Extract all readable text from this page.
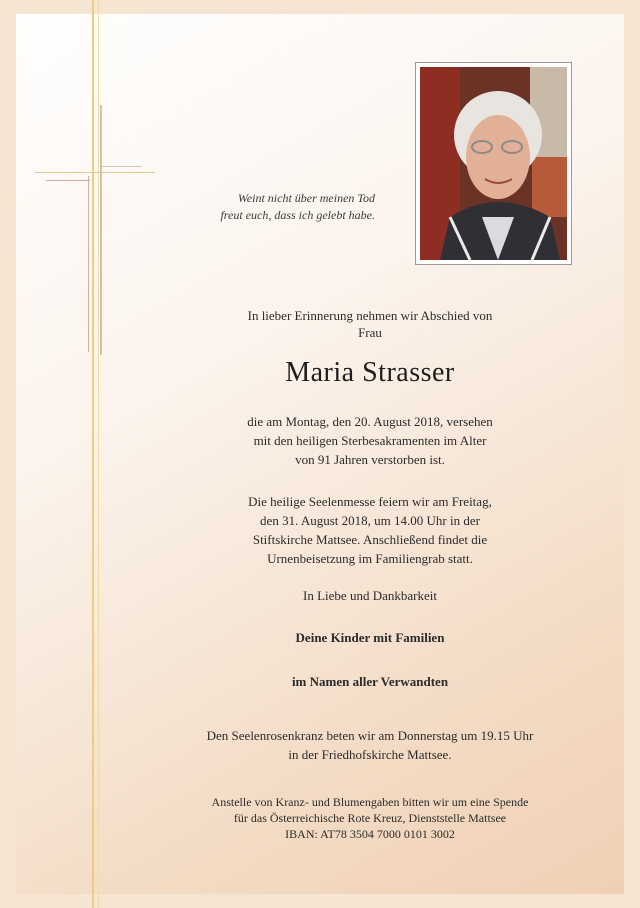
Weint nicht über meinen Tod
freut euch, dass ich gelebt habe.
In lieber Erinnerung nehmen wir Abschied von
Frau
Maria Strasser
die am Montag, den 20. August 2018, versehen
mit den heiligen Sterbesakramenten im Alter
von 91 Jahren verstorben ist.
Die heilige Seelenmesse feiern wir am Freitag,
den 31. August 2018, um 14.00 Uhr in der
Stiftskirche Mattsee. Anschließend findet die
Urnenbeisetzung im Familiengrab statt.
In Liebe und Dankbarkeit
Deine Kinder mit Familien
im Namen aller Verwandten
Den Seelenrosenkranz beten wir am Donnerstag um 19.15 Uhr
in der Friedhofskirche Mattsee.
Anstelle von Kranz- und Blumengaben bitten wir um eine Spende
für das Österreichische Rote Kreuz, Dienststelle Mattsee
IBAN: AT78 3504 7000 0101 3002
